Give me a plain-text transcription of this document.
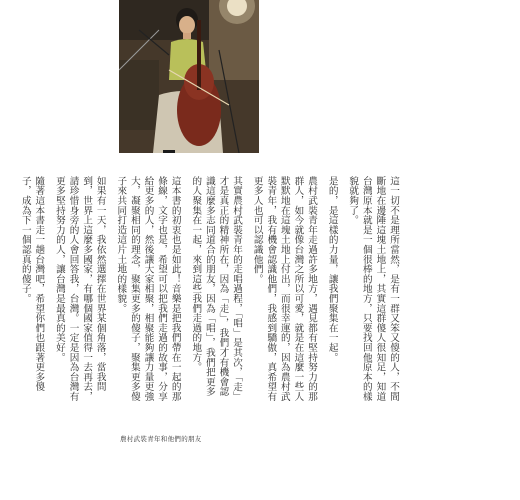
這一切不是理所當然，是有一群又笨又傻的人，不間斷地在邊陲這塊土地上，其實這群傻人很知足，知道台灣原本就是一個很棒的地方，只要找回他原本的樣貌就夠了。

是的，是這樣的力量，讓我們聚集在一起。

農村武裝青年走過許多地方，遇見都有堅持努力的那群人，如今就像台灣之所以可愛，就是在這麼一些人默默地在這塊土地上付出，而很幸運的，因為農村武裝青年，我有機會認識他們，我感到驕傲，真希望有更多人也可以認識他們。

其實農村武裝青年的走唱過程，「唱」是其次，「走」才是真正的精神所在，因為「走」，我們才有機會認識這麼多志同道合的朋友，因為「唱」，我們把更多的人聚集在一起，來到這些我們走過的地方。

這本書的初衷也是如此！音樂是把我們帶在一起的那條線，文字也是，希望可以把我們走過的故事，分享給更多的人，然後讓大家相聚，相聚能夠讓力量更強大，凝聚相同的理念，聚集更多的傻子，聚集更多傻子來共同打造這片土地的樣貌。

如果有一天，我依然選擇在世界某個角落，當我問到，世界上這麼多國家，有哪個國家值得一去再去，請珍惜身旁的人會回答我，台灣。一定是因為台灣有更多堅持努力的人，讓台灣是最真的美好。

隨著這本書走一趟台灣吧，希望你們也跟著更多傻子，成為下一個認真的傻子。

農村武裝青年和他們的朋友
